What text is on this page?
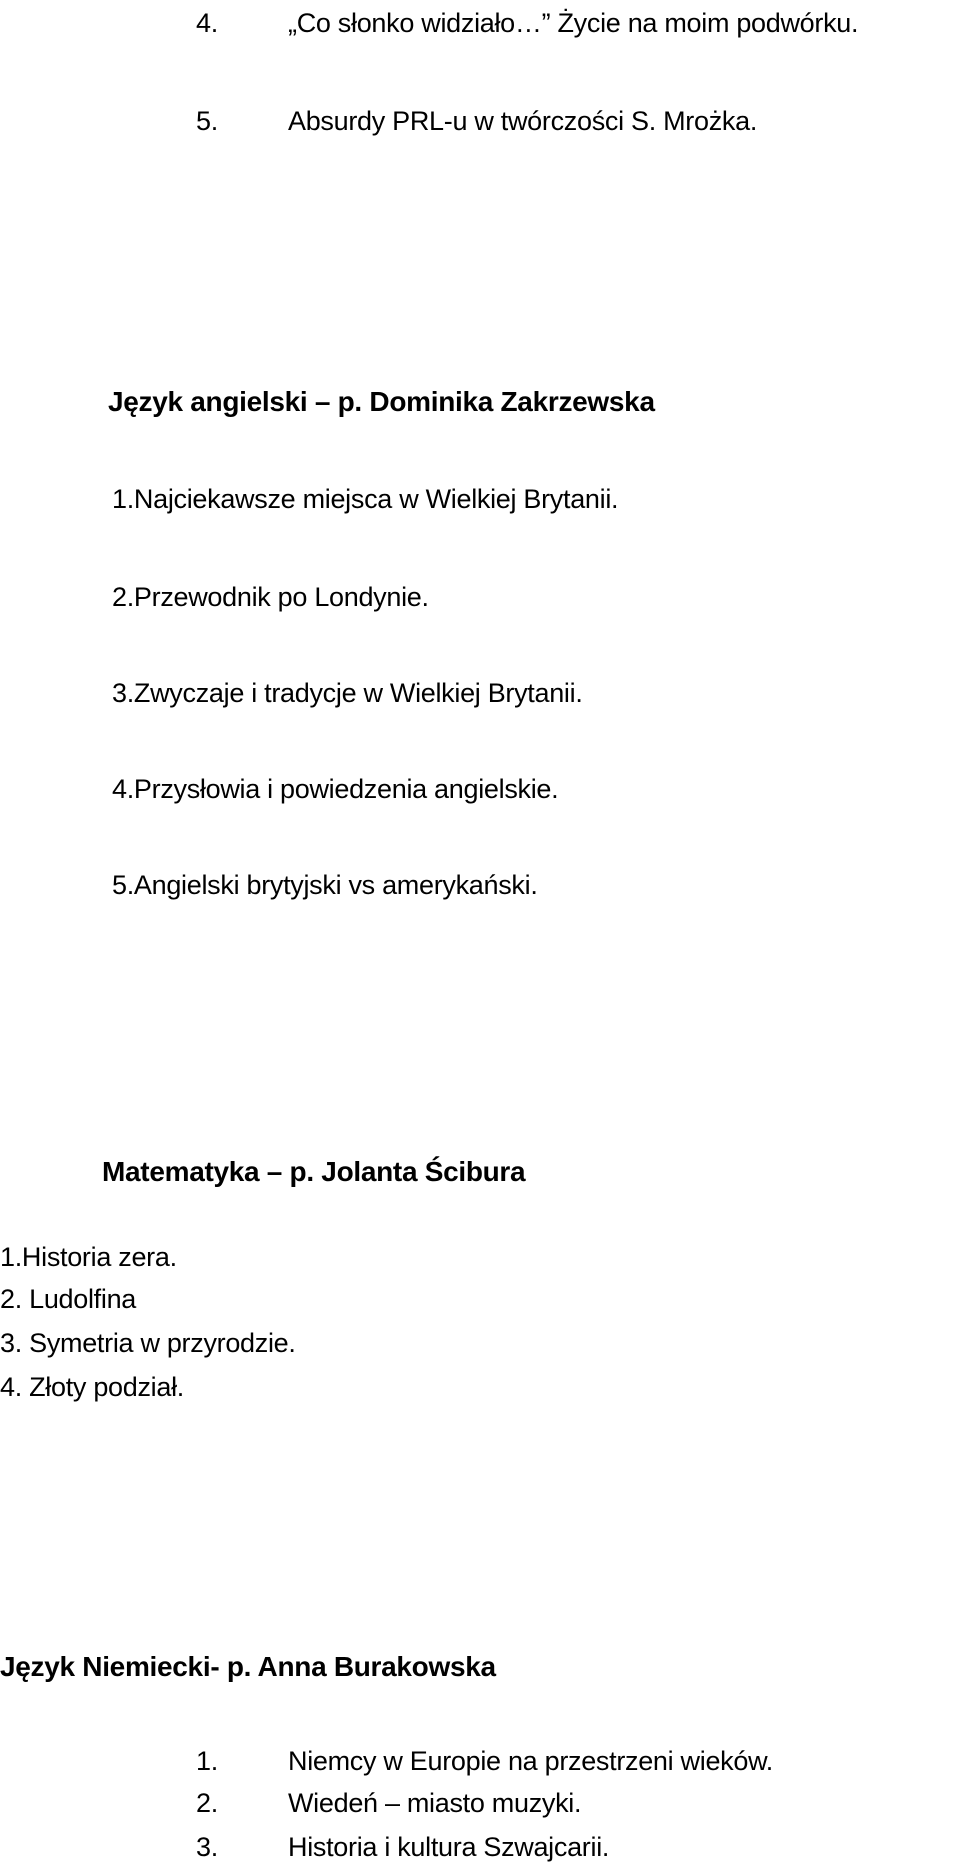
4.	„Co słonko widziało…” Życie na moim podwórku.
5.	Absurdy PRL-u w twórczości S. Mrożka.
Język angielski – p. Dominika Zakrzewska
1.Najciekawsze miejsca w Wielkiej Brytanii.
2.Przewodnik po Londynie.
3.Zwyczaje i tradycje w Wielkiej Brytanii.
4.Przysłowia i powiedzenia angielskie.
5.Angielski brytyjski vs amerykański.
Matematyka – p. Jolanta Ścibura
1.Historia zera.
2. Ludolfina
3. Symetria w przyrodzie.
4. Złoty podział.
Język Niemiecki- p. Anna Burakowska
1.	Niemcy w Europie na przestrzeni wieków.
2.	Wiedeń – miasto muzyki.
3.	Historia i kultura Szwajcarii.
